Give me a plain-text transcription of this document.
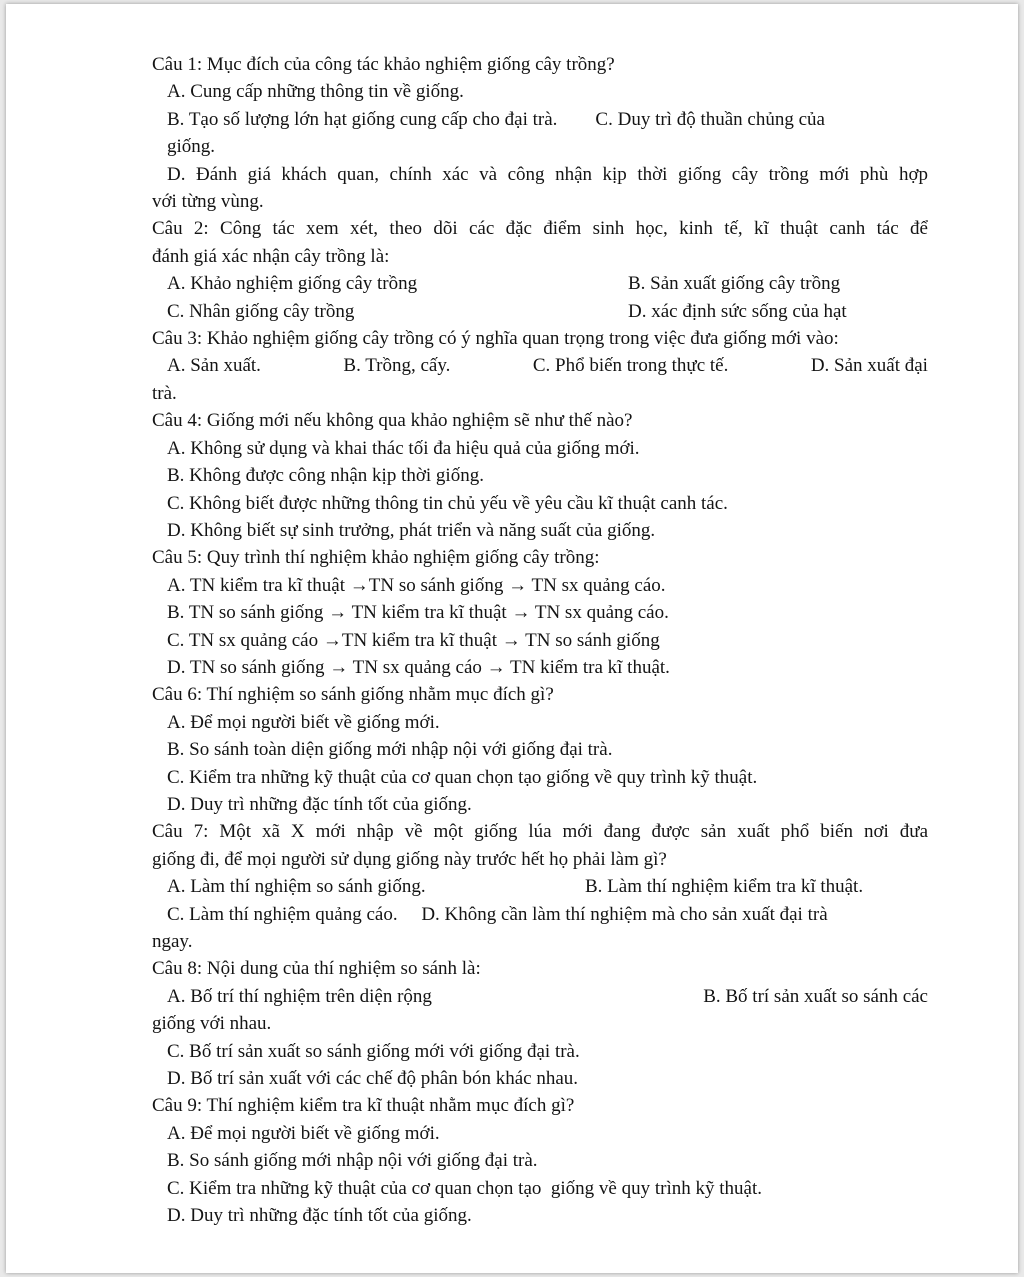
Câu 1: Mục đích của công tác khảo nghiệm giống cây trồng?
A. Cung cấp những thông tin về giống.
B. Tạo số lượng lớn hạt giống cung cấp cho đại trà.        C. Duy trì độ thuần chủng của
giống.
D. Đánh giá khách quan, chính xác và công nhận kịp thời giống cây trồng mới phù hợp
với từng vùng.
Câu 2: Công tác xem xét, theo dõi các đặc điểm sinh học, kinh tế, kĩ thuật canh tác để
đánh giá xác nhận cây trồng là:
A. Khảo nghiệm giống cây trồng	B. Sản xuất giống cây trồng
C. Nhân giống cây trồng	D. xác định sức sống của hạt
Câu 3: Khảo nghiệm giống cây trồng có ý nghĩa quan trọng trong việc đưa giống mới vào:
A. Sản xuất.	B. Trồng, cấy.	C. Phổ biến trong thực tế.	D. Sản xuất đại
trà.
Câu 4: Giống mới nếu không qua khảo nghiệm sẽ như thế nào?
A. Không sử dụng và khai thác tối đa hiệu quả của giống mới.
B. Không được công nhận kịp thời giống.
C. Không biết được những thông tin chủ yếu về yêu cầu kĩ thuật canh tác.
D. Không biết sự sinh trưởng, phát triển và năng suất của giống.
Câu 5: Quy trình thí nghiệm khảo nghiệm giống cây trồng:
A. TN kiểm tra kĩ thuật →TN so sánh giống → TN sx quảng cáo.
B. TN so sánh giống → TN kiểm tra kĩ thuật → TN sx quảng cáo.
C. TN sx quảng cáo →TN kiểm tra kĩ thuật → TN so sánh giống
D. TN so sánh giống → TN sx quảng cáo → TN kiểm tra kĩ thuật.
Câu 6: Thí nghiệm so sánh giống nhằm mục đích gì?
A. Để mọi người biết về giống mới.
B. So sánh toàn diện giống mới nhập nội với giống đại trà.
C. Kiểm tra những kỹ thuật của cơ quan chọn tạo giống về quy trình kỹ thuật.
D. Duy trì những đặc tính tốt của giống.
Câu 7: Một xã X mới nhập về một giống lúa mới đang được sản xuất phổ biến nơi đưa
giống đi, để mọi người sử dụng giống này trước hết họ phải làm gì?
A. Làm thí nghiệm so sánh giống.	B. Làm thí nghiệm kiểm tra kĩ thuật.
C. Làm thí nghiệm quảng cáo.     D. Không cần làm thí nghiệm mà cho sản xuất đại trà
ngay.
Câu 8: Nội dung của thí nghiệm so sánh là:
A. Bố trí thí nghiệm trên diện rộng	B. Bố trí sản xuất so sánh các
giống với nhau.
C. Bố trí sản xuất so sánh giống mới với giống đại trà.
D. Bố trí sản xuất với các chế độ phân bón khác nhau.
Câu 9: Thí nghiệm kiểm tra kĩ thuật nhằm mục đích gì?
A. Để mọi người biết về giống mới.
B. So sánh giống mới nhập nội với giống đại trà.
C. Kiểm tra những kỹ thuật của cơ quan chọn tạo  giống về quy trình kỹ thuật.
D. Duy trì những đặc tính tốt của giống.
